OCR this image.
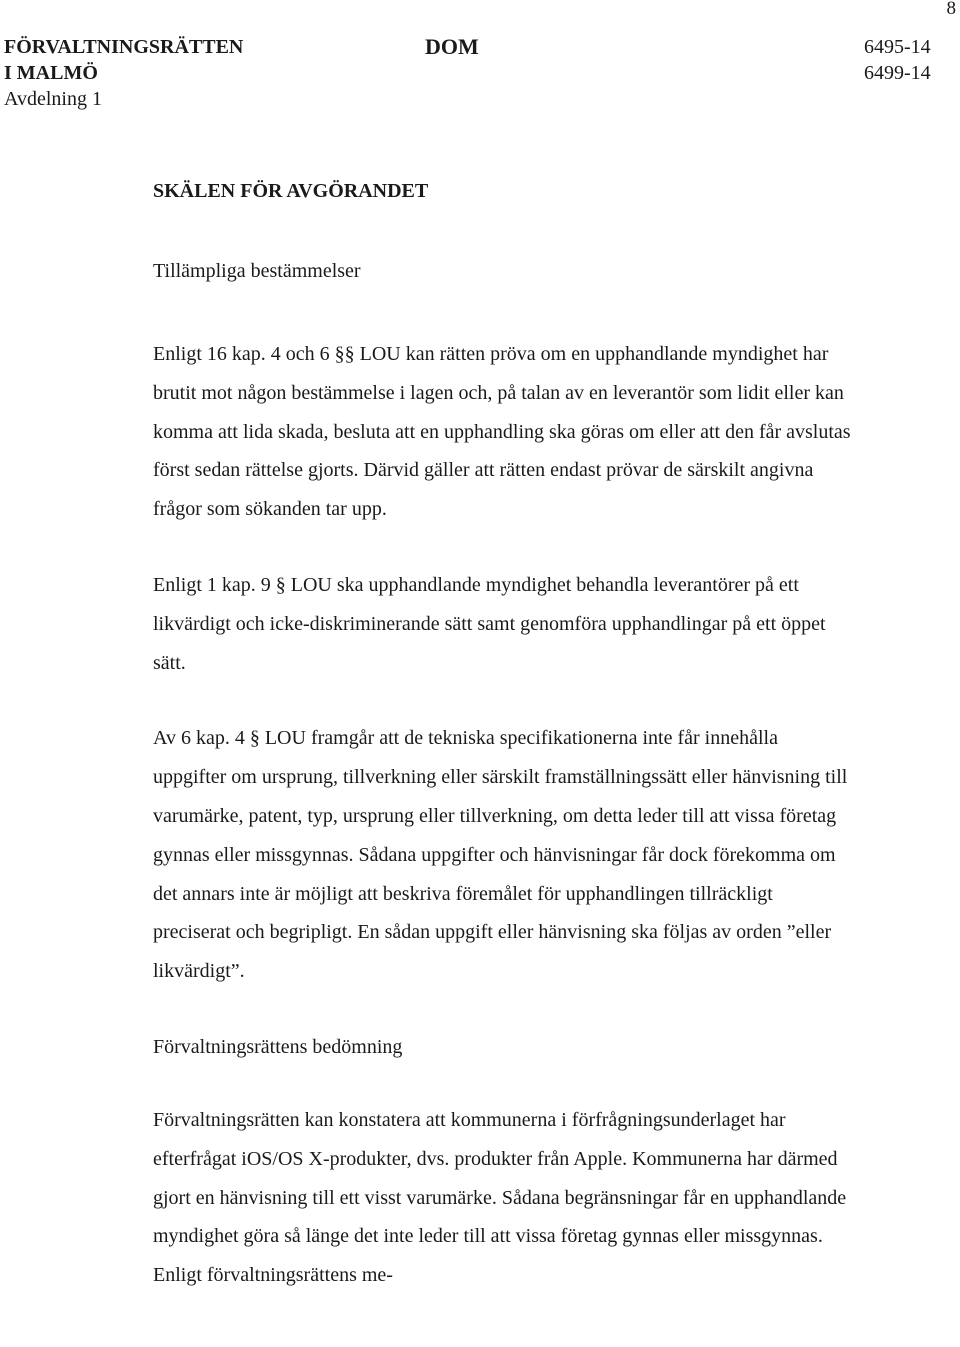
8
FÖRVALTNINGSRÄTTEN
I MALMÖ
Avdelning 1
DOM	6495-14
6499-14
SKÄLEN FÖR AVGÖRANDET
Tillämpliga bestämmelser

Enligt 16 kap. 4 och 6 §§ LOU kan rätten pröva om en upphandlande myndighet har brutit mot någon bestämmelse i lagen och, på talan av en leverantör som lidit eller kan komma att lida skada, besluta att en upphandling ska göras om eller att den får avslutas först sedan rättelse gjorts. Därvid gäller att rätten endast prövar de särskilt angivna frågor som sökanden tar upp.

Enligt 1 kap. 9 § LOU ska upphandlande myndighet behandla leverantörer på ett likvärdigt och icke-diskriminerande sätt samt genomföra upphandlingar på ett öppet sätt.

Av 6 kap. 4 § LOU framgår att de tekniska specifikationerna inte får innehålla uppgifter om ursprung, tillverkning eller särskilt framställningssätt eller hänvisning till varumärke, patent, typ, ursprung eller tillverkning, om detta leder till att vissa företag gynnas eller missgynnas. Sådana uppgifter och hänvisningar får dock förekomma om det annars inte är möjligt att beskriva föremålet för upphandlingen tillräckligt preciserat och begripligt. En sådan uppgift eller hänvisning ska följas av orden ”eller likvärdigt”.

Förvaltningsrättens bedömning

Förvaltningsrätten kan konstatera att kommunerna i förfrågningsunderlaget har efterfrågat iOS/OS X-produkter, dvs. produkter från Apple. Kommunerna har därmed gjort en hänvisning till ett visst varumärke. Sådana begränsningar får en upphandlande myndighet göra så länge det inte leder till att vissa företag gynnas eller missgynnas. Enligt förvaltningsrättens me-
